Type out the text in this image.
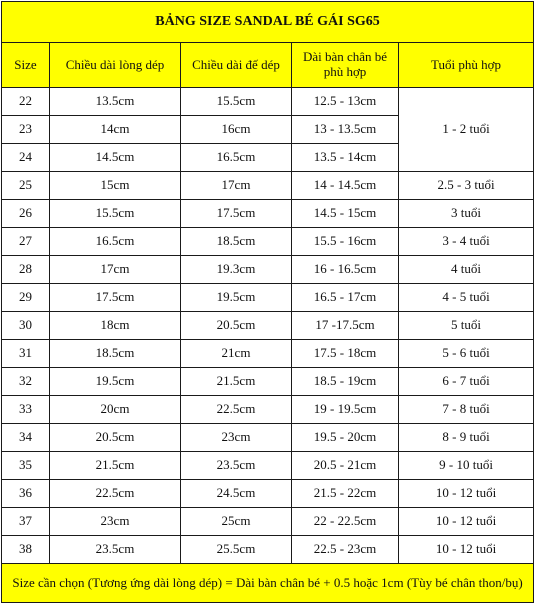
BẢNG SIZE SANDAL BÉ GÁI SG65				
Size	Chiều dài lòng dép	Chiều dài đế dép	Dài bàn chân bé phù hợp	Tuổi phù hợp
22	13.5cm	15.5cm	12.5 - 13cm	1 - 2 tuổi
23	14cm	16cm	13 - 13.5cm	
24	14.5cm	16.5cm	13.5 - 14cm	
25	15cm	17cm	14 - 14.5cm	2.5 - 3 tuổi
26	15.5cm	17.5cm	14.5 - 15cm	3 tuổi
27	16.5cm	18.5cm	15.5 - 16cm	3 - 4 tuổi
28	17cm	19.3cm	16 - 16.5cm	4 tuổi
29	17.5cm	19.5cm	16.5 - 17cm	4 - 5 tuổi
30	18cm	20.5cm	17 -17.5cm	5 tuổi
31	18.5cm	21cm	17.5 - 18cm	5 - 6 tuổi
32	19.5cm	21.5cm	18.5 - 19cm	6 - 7 tuổi
33	20cm	22.5cm	19 - 19.5cm	7 - 8 tuổi
34	20.5cm	23cm	19.5 - 20cm	8 - 9 tuổi
35	21.5cm	23.5cm	20.5 - 21cm	9 - 10 tuổi
36	22.5cm	24.5cm	21.5 - 22cm	10 - 12 tuổi
37	23cm	25cm	22 - 22.5cm	10 - 12 tuổi
38	23.5cm	25.5cm	22.5 - 23cm	10 - 12 tuổi
Size cần chọn (Tương ứng dài lòng dép) = Dài bàn chân bé + 0.5 hoặc 1cm (Tùy bé chân thon/bụ)				
